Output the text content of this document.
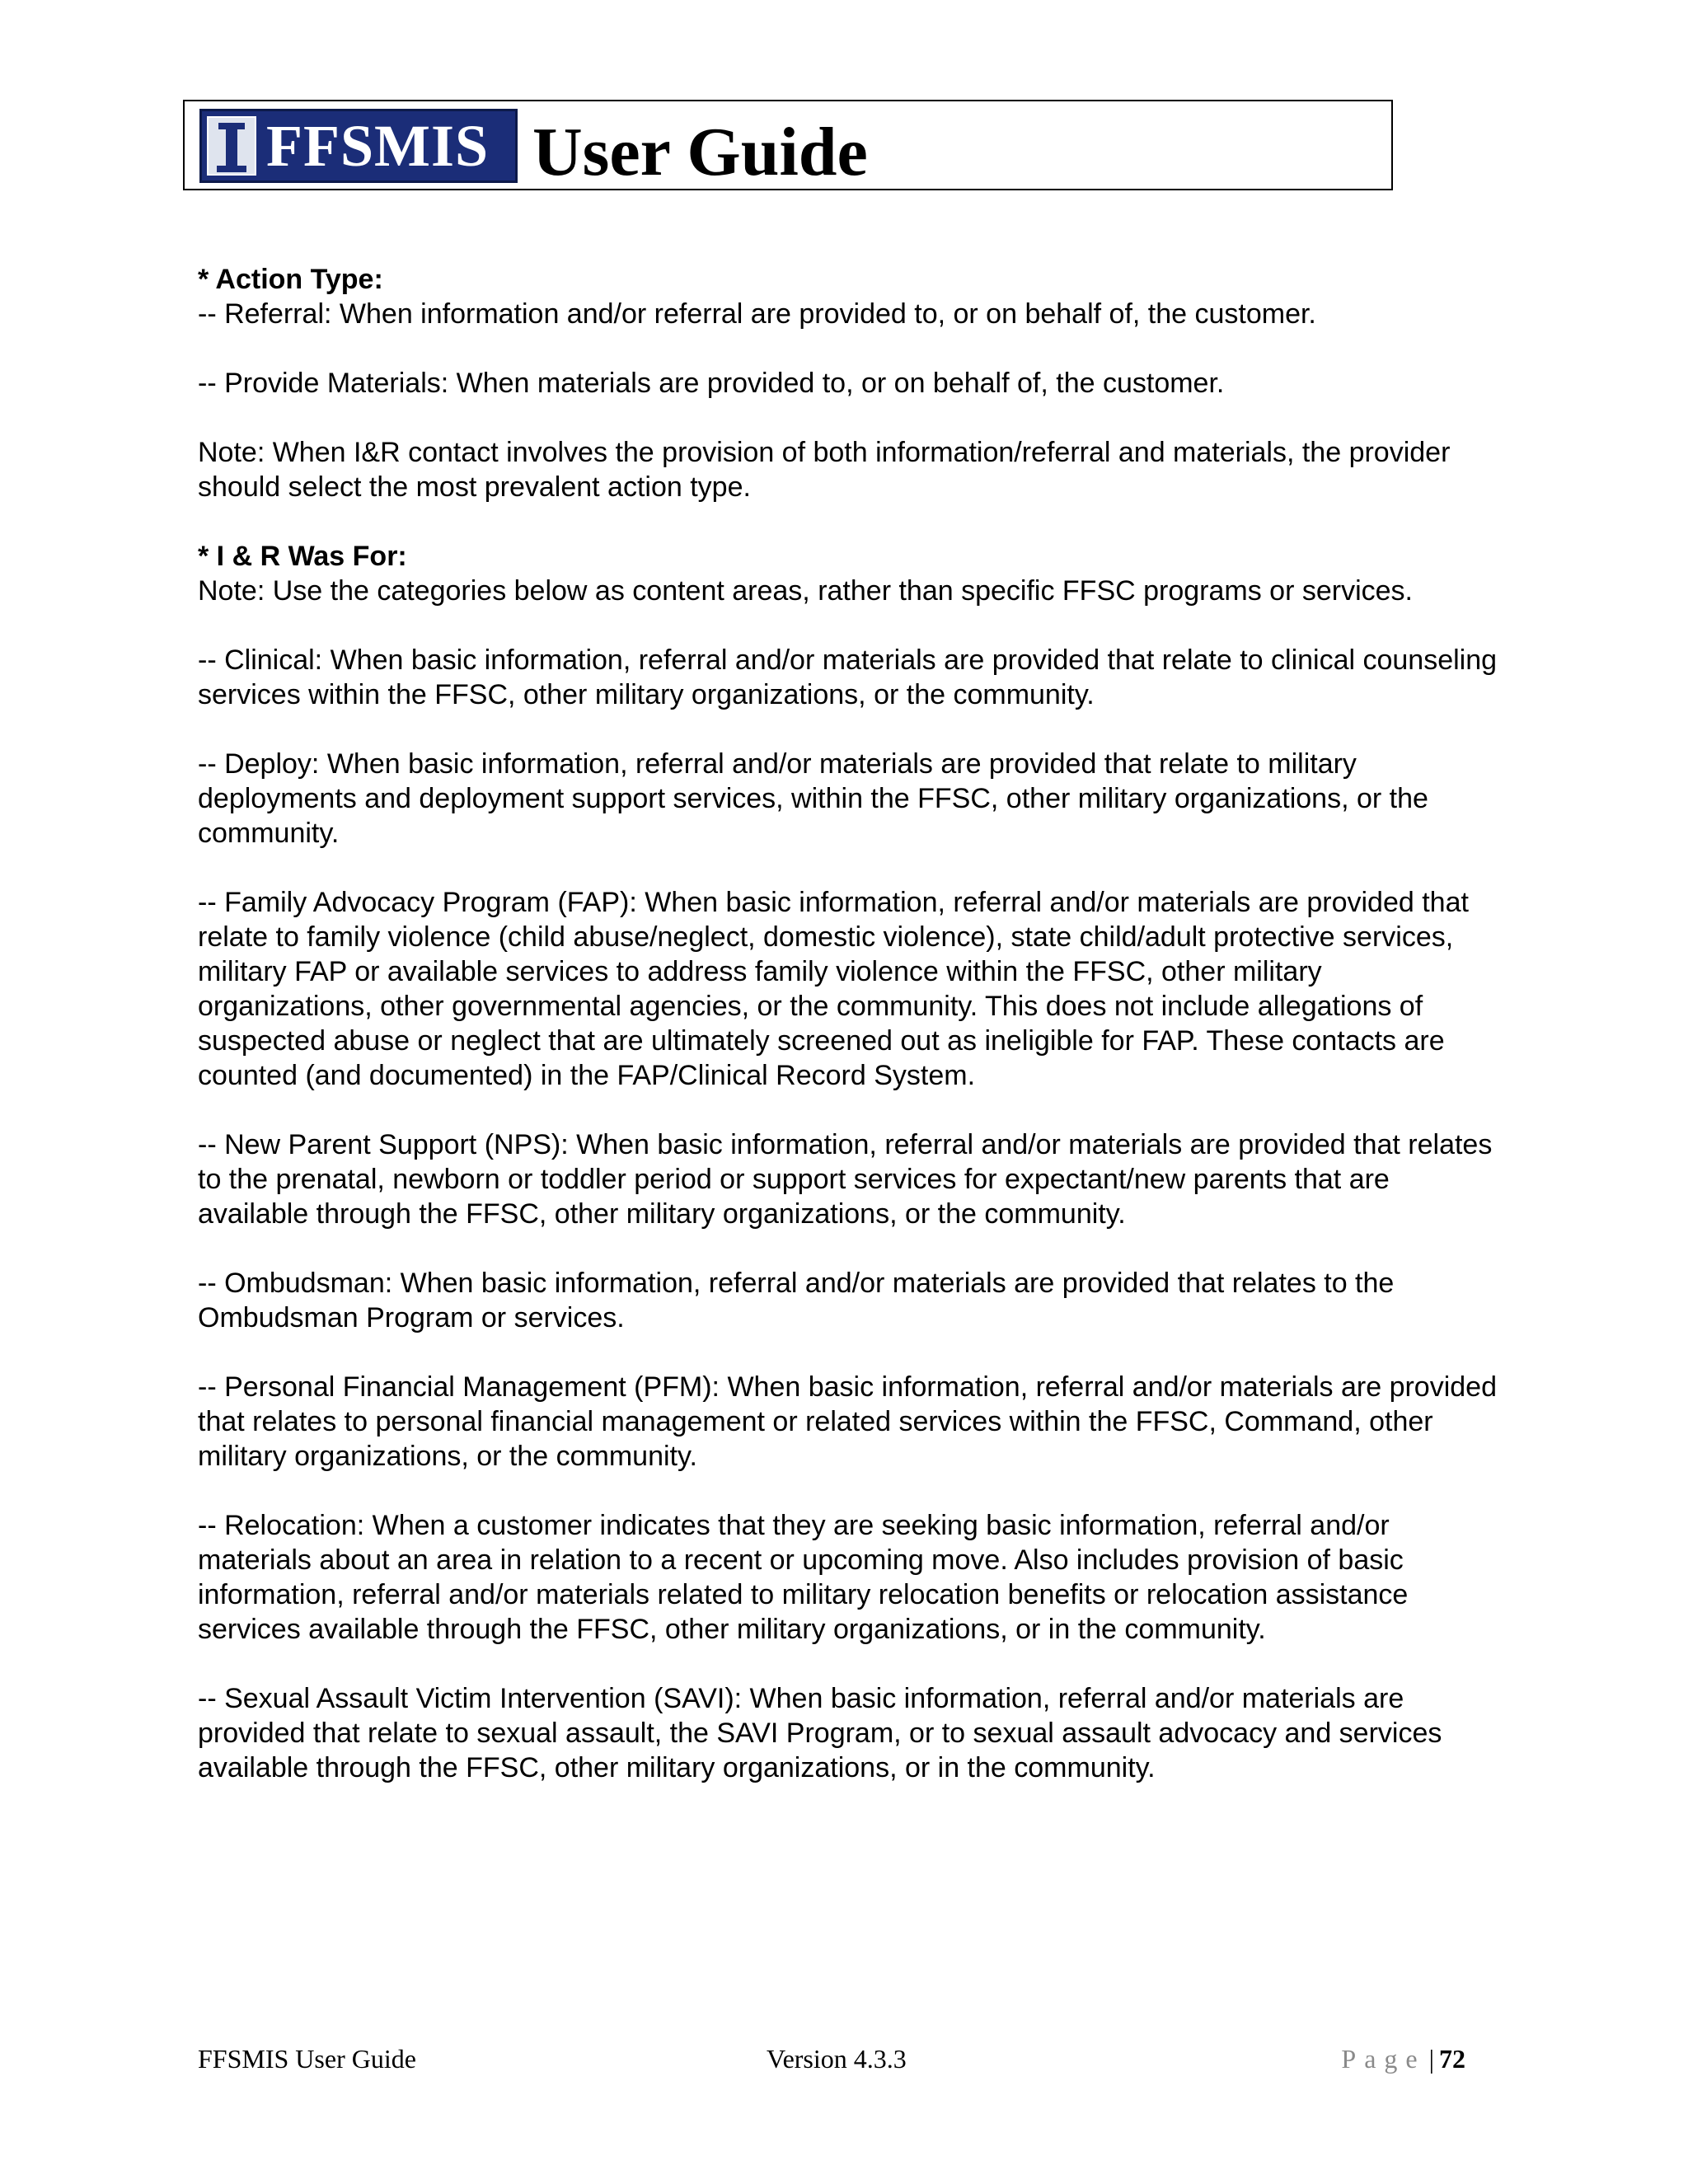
FFSMIS User Guide

* Action Type:
-- Referral: When information and/or referral are provided to, or on behalf of, the customer.

-- Provide Materials: When materials are provided to, or on behalf of, the customer.

Note: When I&R contact involves the provision of both information/referral and materials, the provider should select the most prevalent action type.

* I & R Was For:
Note: Use the categories below as content areas, rather than specific FFSC programs or services.

-- Clinical: When basic information, referral and/or materials are provided that relate to clinical counseling services within the FFSC, other military organizations, or the community.

-- Deploy: When basic information, referral and/or materials are provided that relate to military deployments and deployment support services, within the FFSC, other military organizations, or the community.

-- Family Advocacy Program (FAP): When basic information, referral and/or materials are provided that relate to family violence (child abuse/neglect, domestic violence), state child/adult protective services, military FAP or available services to address family violence within the FFSC, other military organizations, other governmental agencies, or the community. This does not include allegations of suspected abuse or neglect that are ultimately screened out as ineligible for FAP. These contacts are counted (and documented) in the FAP/Clinical Record System.

-- New Parent Support (NPS): When basic information, referral and/or materials are provided that relates to the prenatal, newborn or toddler period or support services for expectant/new parents that are available through the FFSC, other military organizations, or the community.

-- Ombudsman: When basic information, referral and/or materials are provided that relates to the Ombudsman Program or services.

-- Personal Financial Management (PFM): When basic information, referral and/or materials are provided that relates to personal financial management or related services within the FFSC, Command, other military organizations, or the community.

-- Relocation: When a customer indicates that they are seeking basic information, referral and/or materials about an area in relation to a recent or upcoming move. Also includes provision of basic information, referral and/or materials related to military relocation benefits or relocation assistance services available through the FFSC, other military organizations, or in the community.

-- Sexual Assault Victim Intervention (SAVI): When basic information, referral and/or materials are provided that relate to sexual assault, the SAVI Program, or to sexual assault advocacy and services available through the FFSC, other military organizations, or in the community.

FFSMIS User Guide	Version 4.3.3	Page | 72
